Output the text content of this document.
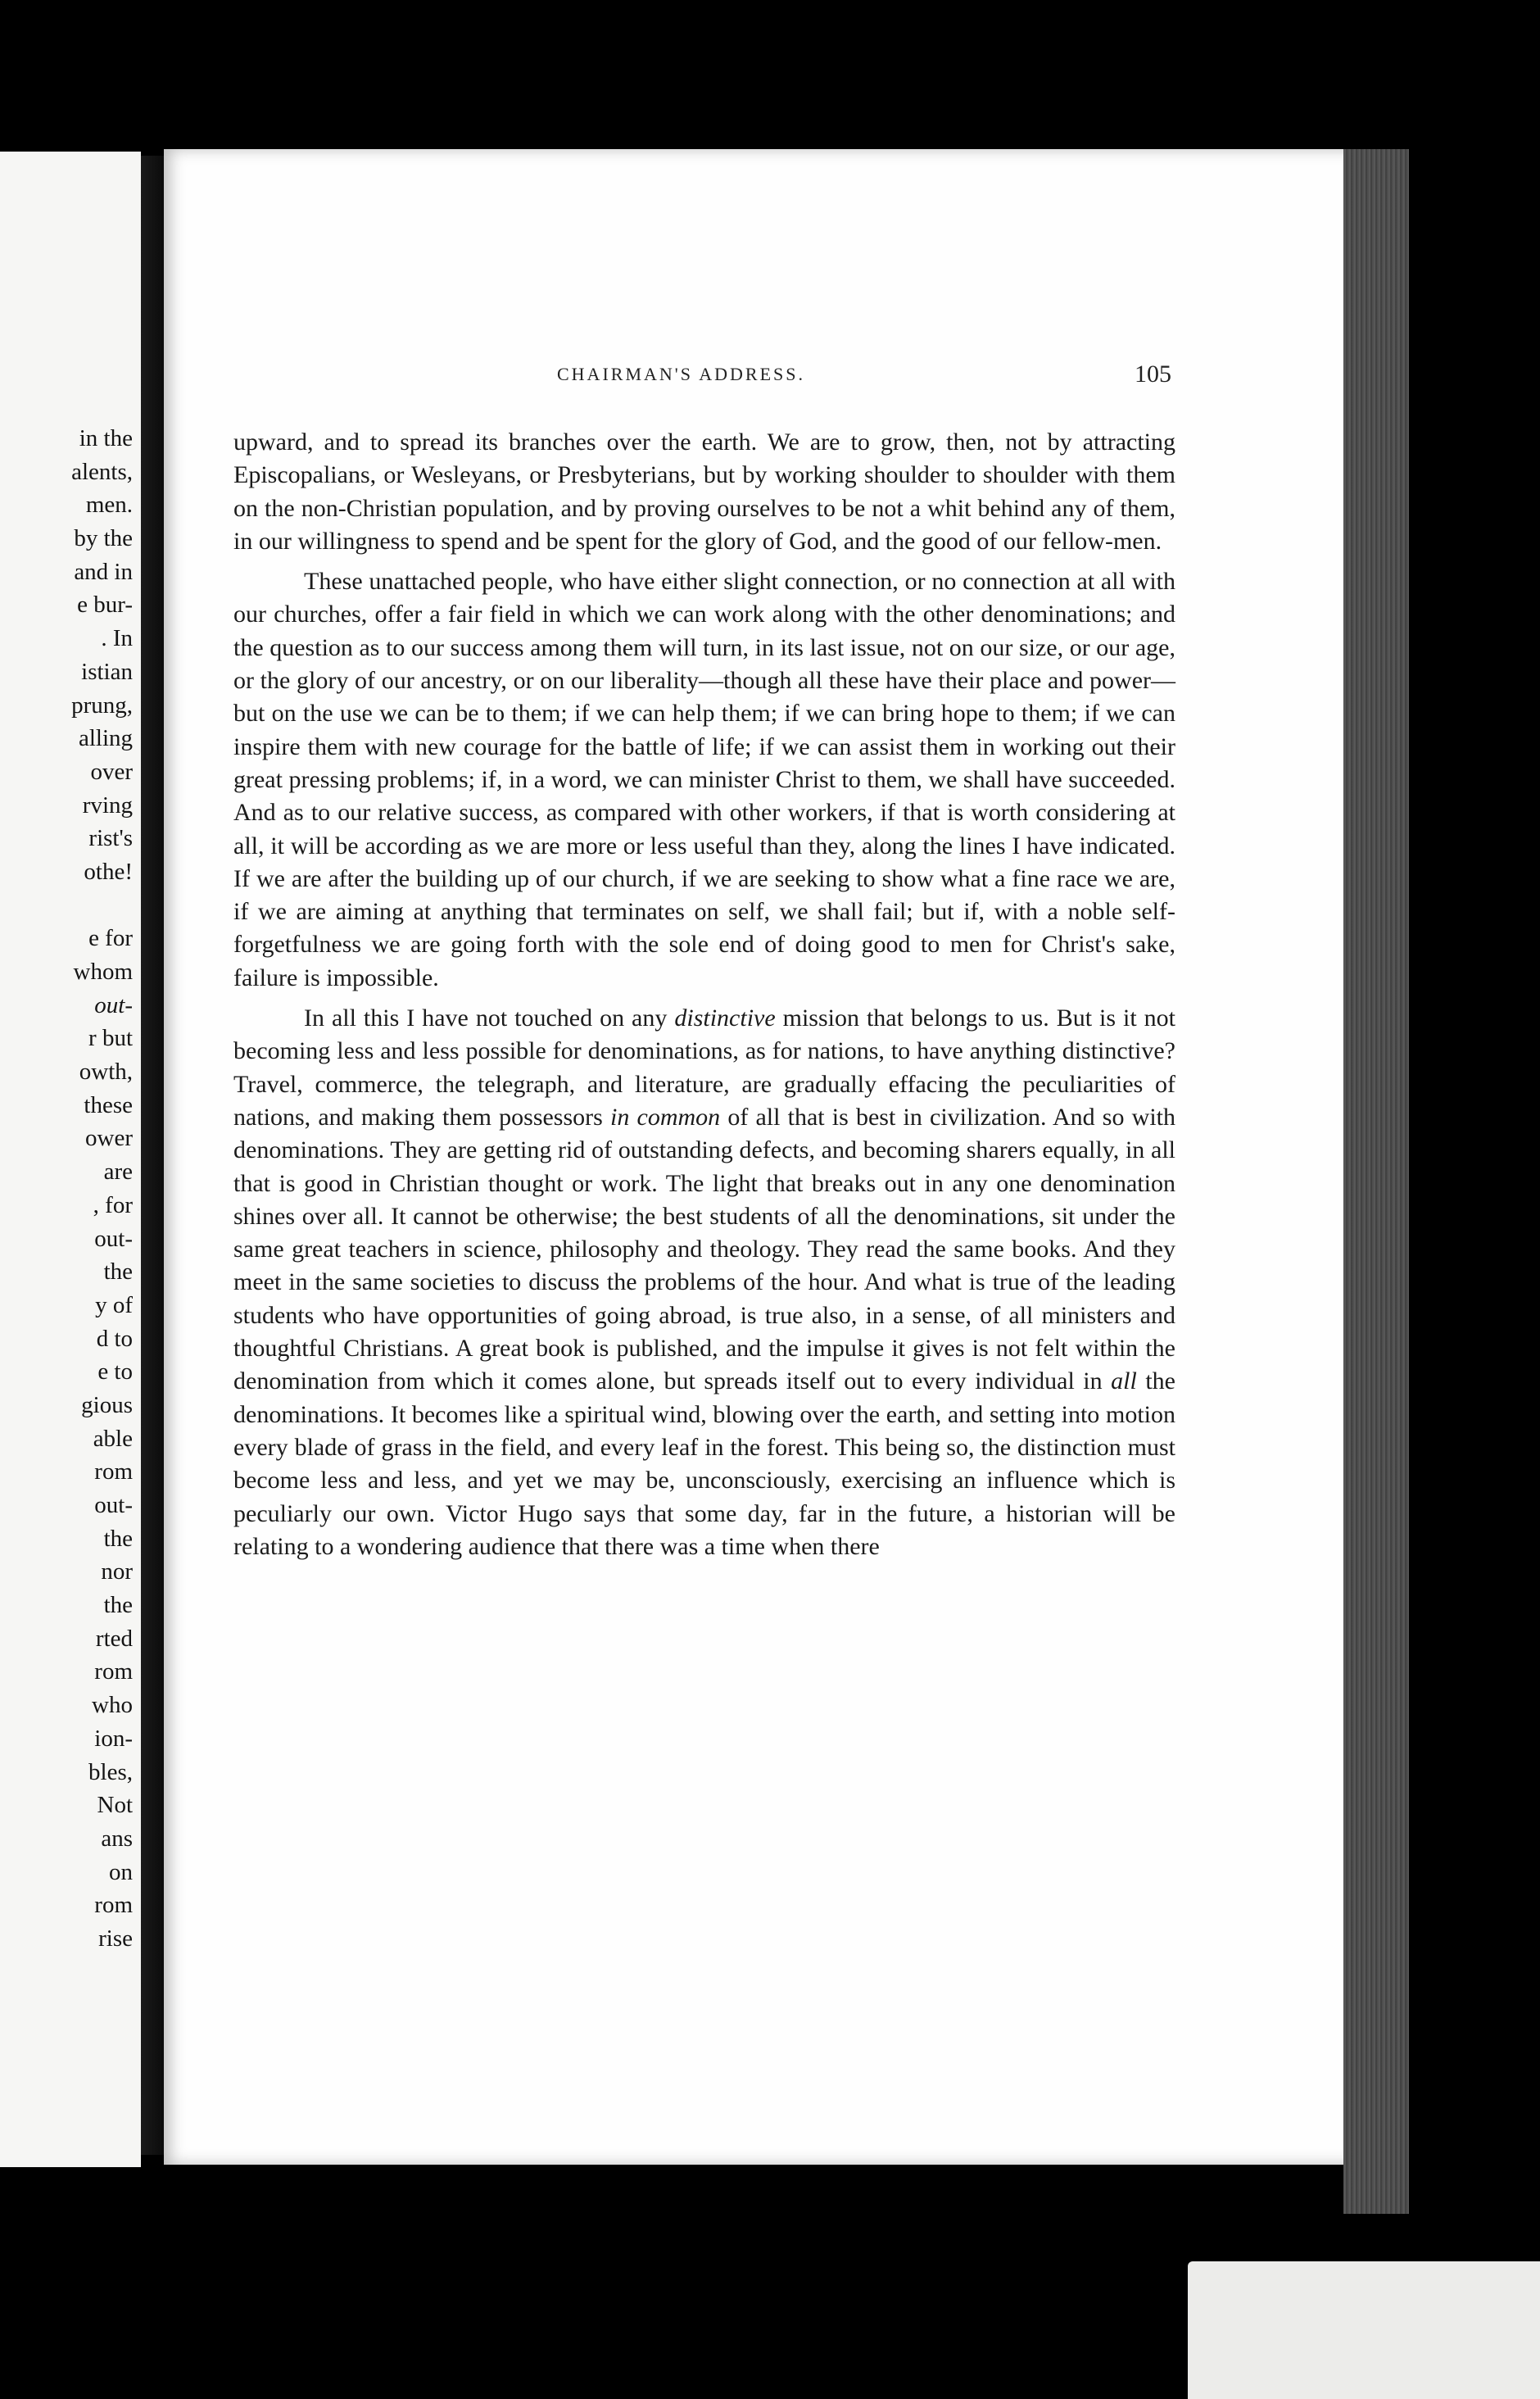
in the
alents,
men.
by the
and in
e bur-
. In
istian
prung,
alling
over
rving
rist's
othe!
e for
whom
out-
r but
owth,
these
ower
are
, for
out-
the
y of
d to
e to
gious
able
rom
out-
the
nor
the
rted
rom
who
ion-
bles,
Not
ans
on
rom
rise
CHAIRMAN'S ADDRESS.	105

upward, and to spread its branches over the earth. We are to grow, then, not by attracting Episcopalians, or Wesleyans, or Presbyterians, but by working shoulder to shoulder with them on the non-Christian population, and by proving ourselves to be not a whit behind any of them, in our willingness to spend and be spent for the glory of God, and the good of our fellow-men.

These unattached people, who have either slight connection, or no connection at all with our churches, offer a fair field in which we can work along with the other denominations; and the question as to our success among them will turn, in its last issue, not on our size, or our age, or the glory of our ancestry, or on our liberality—though all these have their place and power—but on the use we can be to them; if we can help them; if we can bring hope to them; if we can inspire them with new courage for the battle of life; if we can assist them in working out their great pressing problems; if, in a word, we can minister Christ to them, we shall have succeeded. And as to our relative success, as compared with other workers, if that is worth considering at all, it will be according as we are more or less useful than they, along the lines I have indicated. If we are after the building up of our church, if we are seeking to show what a fine race we are, if we are aiming at anything that terminates on self, we shall fail; but if, with a noble self-forgetfulness we are going forth with the sole end of doing good to men for Christ's sake, failure is impossible.

In all this I have not touched on any distinctive mission that belongs to us. But is it not becoming less and less possible for denominations, as for nations, to have anything distinctive? Travel, commerce, the telegraph, and literature, are gradually effacing the peculiarities of nations, and making them possessors in common of all that is best in civilization. And so with denominations. They are getting rid of outstanding defects, and becoming sharers equally, in all that is good in Christian thought or work. The light that breaks out in any one denomination shines over all. It cannot be otherwise; the best students of all the denominations, sit under the same great teachers in science, philosophy and theology. They read the same books. And they meet in the same societies to discuss the problems of the hour. And what is true of the leading students who have opportunities of going abroad, is true also, in a sense, of all ministers and thoughtful Christians. A great book is published, and the impulse it gives is not felt within the denomination from which it comes alone, but spreads itself out to every individual in all the denominations. It becomes like a spiritual wind, blowing over the earth, and setting into motion every blade of grass in the field, and every leaf in the forest. This being so, the distinction must become less and less, and yet we may be, unconsciously, exercising an influence which is peculiarly our own. Victor Hugo says that some day, far in the future, a historian will be relating to a wondering audience that there was a time when there
